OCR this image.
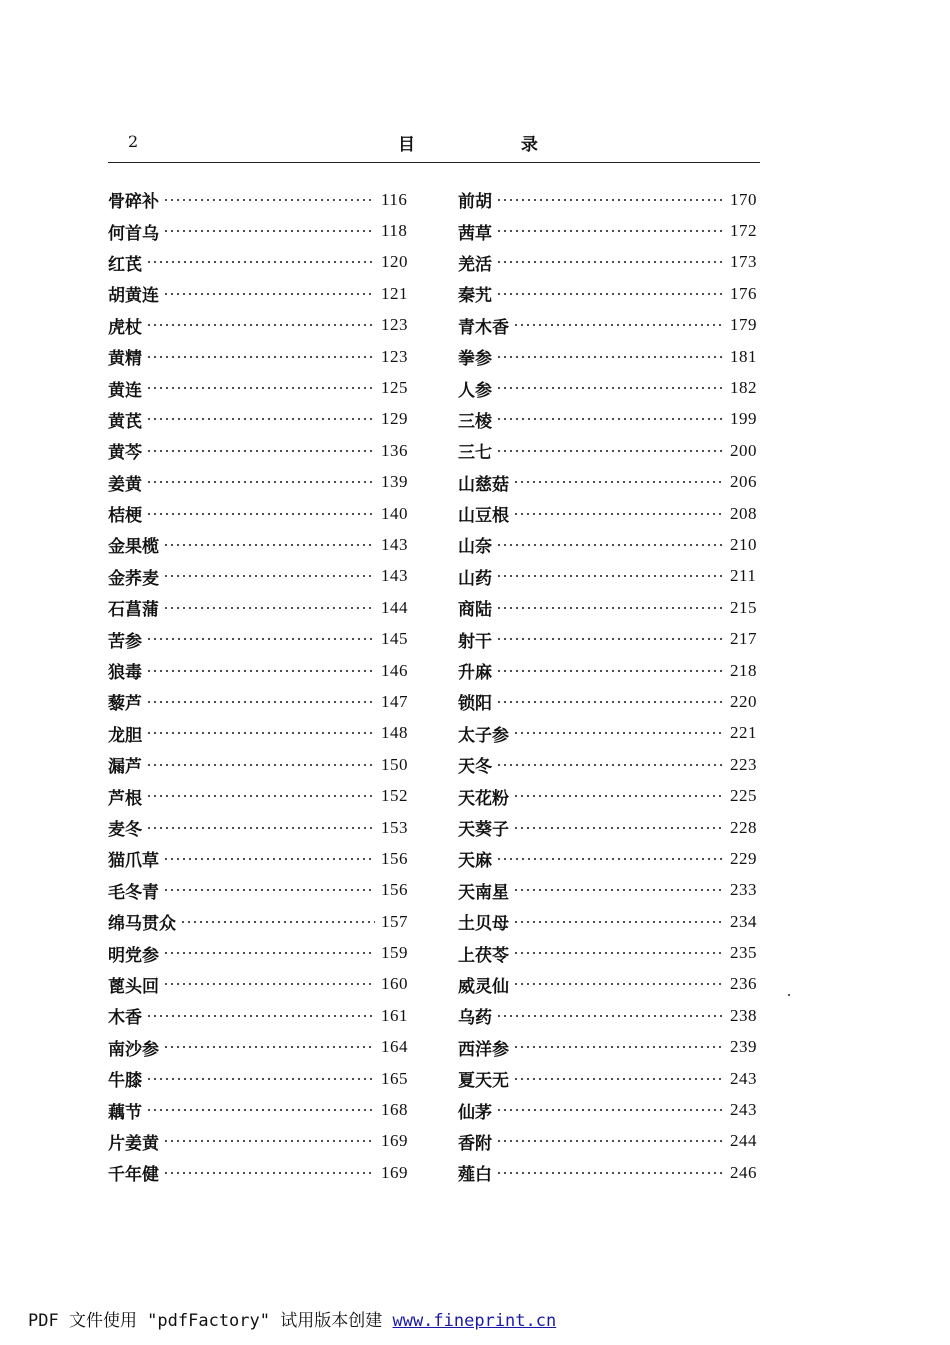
2	目 录
骨碎补	116
何首乌	118
红芪	120
胡黄连	121
虎杖	123
黄精	123
黄连	125
黄芪	129
黄芩	136
姜黄	139
桔梗	140
金果榄	143
金荞麦	143
石菖蒲	144
苦参	145
狼毒	146
藜芦	147
龙胆	148
漏芦	150
芦根	152
麦冬	153
猫爪草	156
毛冬青	156
绵马贯众	157
明党参	159
蓖头回	160
木香	161
南沙参	164
牛膝	165
藕节	168
片姜黄	169
千年健	169
前胡	170
茜草	172
羌活	173
秦艽	176
青木香	179
拳参	181
人参	182
三棱	199
三七	200
山慈菇	206
山豆根	208
山奈	210
山药	211
商陆	215
射干	217
升麻	218
锁阳	220
太子参	221
天冬	223
天花粉	225
天葵子	228
天麻	229
天南星	233
土贝母	234
上茯苓	235
威灵仙	236
乌药	238
西洋参	239
夏天无	243
仙茅	243
香附	244
薤白	246
PDF 文件使用 "pdfFactory" 试用版本创建 www.fineprint.cn
